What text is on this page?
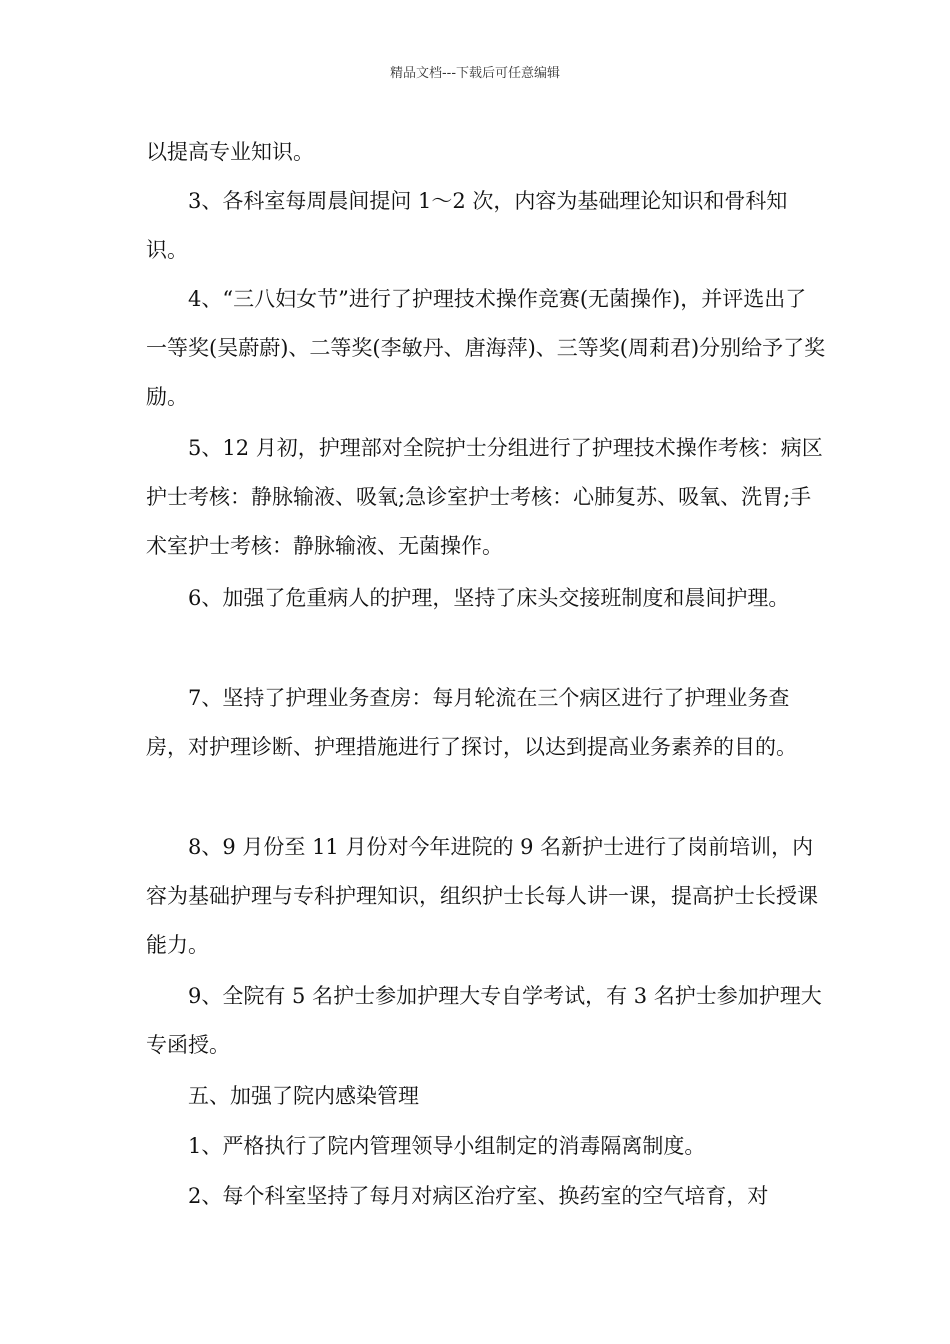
精品文档---下载后可任意编辑

以提高专业知识。

3、各科室每周晨间提问 1～2 次，内容为基础理论知识和骨科知识。

4、“三八妇女节”进行了护理技术操作竞赛(无菌操作)，并评选出了一等奖(吴蔚蔚)、二等奖(李敏丹、唐海萍)、三等奖(周莉君)分别给予了奖励。

5、12 月初，护理部对全院护士分组进行了护理技术操作考核：病区护士考核：静脉输液、吸氧;急诊室护士考核：心肺复苏、吸氧、洗胃;手术室护士考核：静脉输液、无菌操作。

6、加强了危重病人的护理，坚持了床头交接班制度和晨间护理。

7、坚持了护理业务查房：每月轮流在三个病区进行了护理业务查房，对护理诊断、护理措施进行了探讨，以达到提高业务素养的目的。

8、9 月份至 11 月份对今年进院的 9 名新护士进行了岗前培训，内容为基础护理与专科护理知识，组织护士长每人讲一课，提高护士长授课能力。

9、全院有 5 名护士参加护理大专自学考试，有 3 名护士参加护理大专函授。

五、加强了院内感染管理

1、严格执行了院内管理领导小组制定的消毒隔离制度。

2、每个科室坚持了每月对病区治疗室、换药室的空气培育，对
